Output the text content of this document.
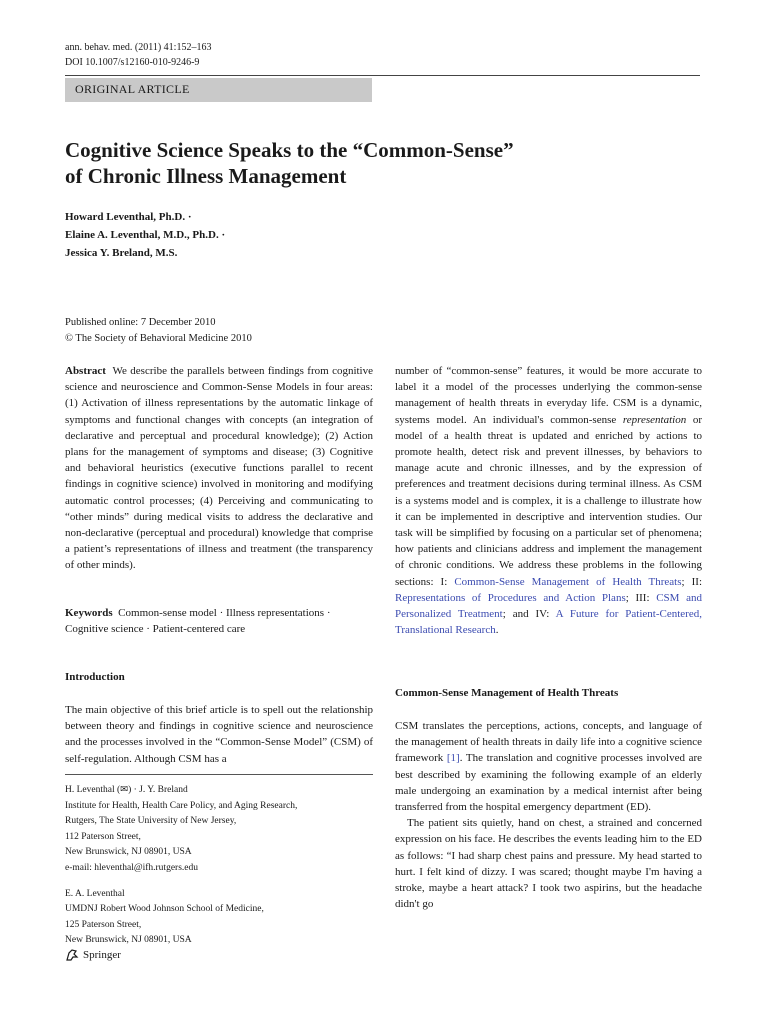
ann. behav. med. (2011) 41:152–163
DOI 10.1007/s12160-010-9246-9
ORIGINAL ARTICLE
Cognitive Science Speaks to the “Common-Sense”
of Chronic Illness Management
Howard Leventhal, Ph.D. ·
Elaine A. Leventhal, M.D., Ph.D. ·
Jessica Y. Breland, M.S.
Published online: 7 December 2010
© The Society of Behavioral Medicine 2010

Abstract We describe the parallels between findings from cognitive science and neuroscience and Common-Sense Models in four areas: (1) Activation of illness representations by the automatic linkage of symptoms and functional changes with concepts (an integration of declarative and perceptual and procedural knowledge); (2) Action plans for the management of symptoms and disease; (3) Cognitive and behavioral heuristics (executive functions parallel to recent findings in cognitive science) involved in monitoring and modifying automatic control processes; (4) Perceiving and communicating to “other minds” during medical visits to address the declarative and non-declarative (perceptual and procedural) knowledge that comprise a patient’s representations of illness and treatment (the transparency of other minds).

Keywords Common-sense model · Illness representations · Cognitive science · Patient-centered care

Introduction
The main objective of this brief article is to spell out the relationship between theory and findings in cognitive science and neuroscience and the processes involved in the “Common-Sense Model” (CSM) of self-regulation. Although CSM has a
H. Leventhal (✉) · J. Y. Breland
Institute for Health, Health Care Policy, and Aging Research,
Rutgers, The State University of New Jersey,
112 Paterson Street,
New Brunswick, NJ 08901, USA
e-mail: hleventhal@ifh.rutgers.edu
E. A. Leventhal
UMDNJ Robert Wood Johnson School of Medicine,
125 Paterson Street,
New Brunswick, NJ 08901, USA
Springer

number of “common-sense” features, it would be more accurate to label it a model of the processes underlying the common-sense management of health threats in everyday life. CSM is a dynamic, systems model. An individual's common-sense representation or model of a health threat is updated and enriched by actions to promote health, detect risk and prevent illnesses, by behaviors to manage acute and chronic illnesses, and by the expression of preferences and treatment decisions during terminal illness. As CSM is a systems model and is complex, it is a challenge to illustrate how it can be implemented in descriptive and intervention studies. Our task will be simplified by focusing on a particular set of phenomena; how patients and clinicians address and implement the management of chronic conditions. We address these problems in the following sections: I: Common-Sense Management of Health Threats; II: Representations of Procedures and Action Plans; III: CSM and Personalized Treatment; and IV: A Future for Patient-Centered, Translational Research.

Common-Sense Management of Health Threats

CSM translates the perceptions, actions, concepts, and language of the management of health threats in daily life into a cognitive science framework [1]. The translation and cognitive processes involved are best described by examining the following example of an elderly male undergoing an examination by a medical internist after being transferred from the hospital emergency department (ED).

The patient sits quietly, hand on chest, a strained and concerned expression on his face. He describes the events leading him to the ED as follows: “I had sharp chest pains and pressure. My head started to hurt. I felt kind of dizzy. I was scared; thought maybe I'm having a stroke, maybe a heart attack? I took two aspirins, but the headache didn't go
